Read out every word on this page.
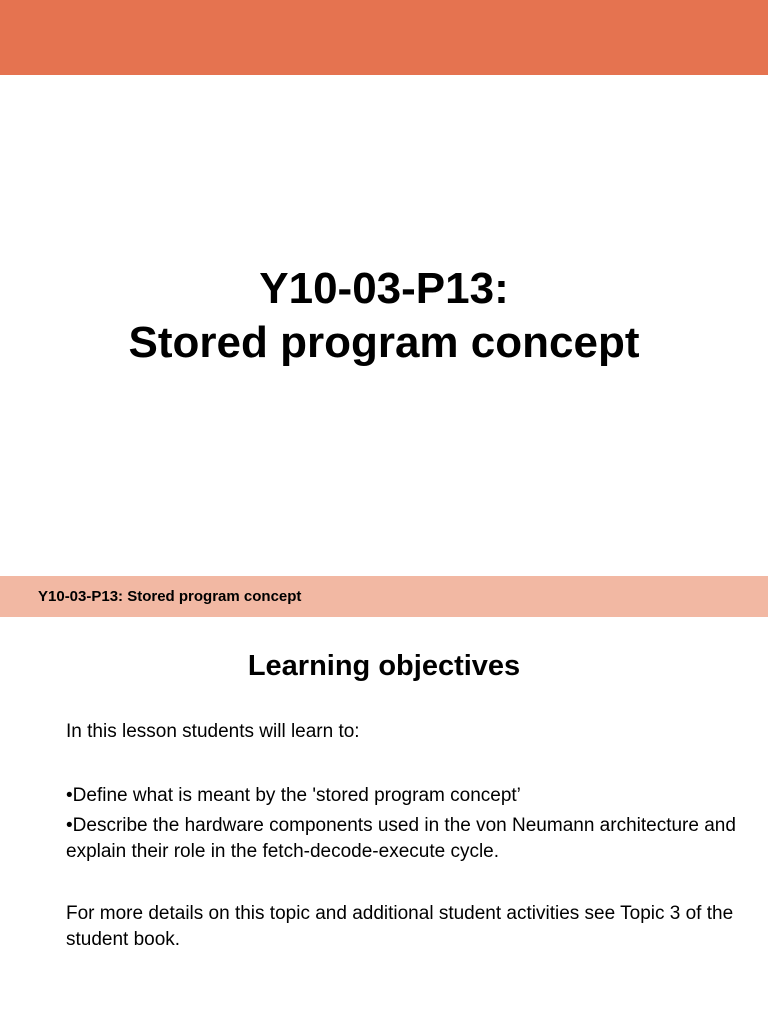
Y10-03-P13:
Stored program concept
Y10-03-P13: Stored program concept
Learning objectives
In this lesson students will learn to:
•Define what is meant by the 'stored program concept’
•Describe the hardware components used in the von Neumann architecture and explain their role in the fetch-decode-execute cycle.
For more details on this topic and additional student activities see Topic 3 of the student book.
